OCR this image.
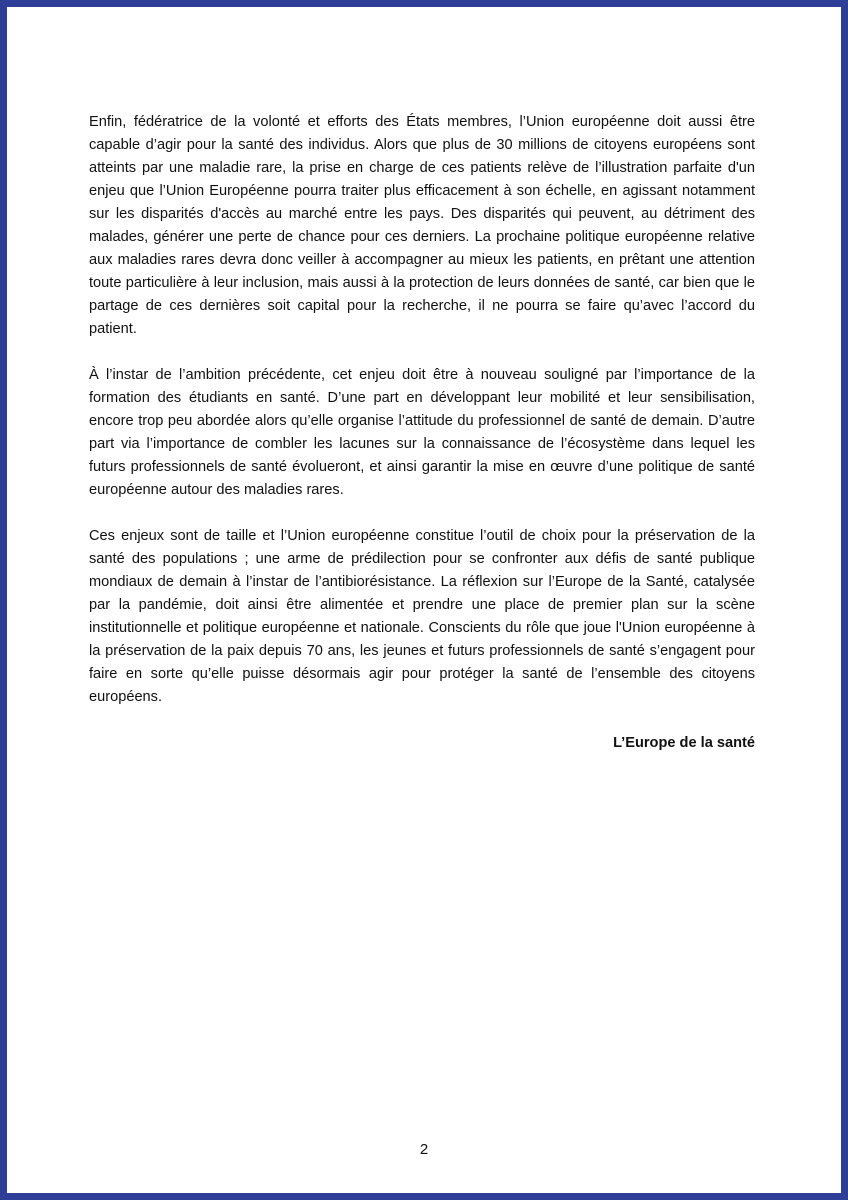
Enfin, fédératrice de la volonté et efforts des États membres, l’Union européenne doit aussi être capable d’agir pour la santé des individus. Alors que plus de 30 millions de citoyens européens sont atteints par une maladie rare, la prise en charge de ces patients relève de l’illustration parfaite d'un enjeu que l’Union Européenne pourra traiter plus efficacement à son échelle, en agissant notamment sur les disparités d'accès au marché entre les pays. Des disparités qui peuvent, au détriment des malades, générer une perte de chance pour ces derniers. La prochaine politique européenne relative aux maladies rares devra donc veiller à accompagner au mieux les patients, en prêtant une attention toute particulière à leur inclusion, mais aussi à la protection de leurs données de santé, car bien que le partage de ces dernières soit capital pour la recherche, il ne pourra se faire qu’avec l’accord du patient.

À l’instar de l’ambition précédente, cet enjeu doit être à nouveau souligné par l’importance de la formation des étudiants en santé. D’une part en développant leur mobilité et leur sensibilisation, encore trop peu abordée alors qu’elle organise l’attitude du professionnel de santé de demain. D’autre part via l’importance de combler les lacunes sur la connaissance de l’écosystème dans lequel les futurs professionnels de santé évolueront, et ainsi garantir la mise en œuvre d’une politique de santé européenne autour des maladies rares.

Ces enjeux sont de taille et l’Union européenne constitue l’outil de choix pour la préservation de la santé des populations ; une arme de prédilection pour se confronter aux défis de santé publique mondiaux de demain à l’instar de l’antibiorésistance. La réflexion sur l’Europe de la Santé, catalysée par la pandémie, doit ainsi être alimentée et prendre une place de premier plan sur la scène institutionnelle et politique européenne et nationale. Conscients du rôle que joue l'Union européenne à la préservation de la paix depuis 70 ans, les jeunes et futurs professionnels de santé s’engagent pour faire en sorte qu’elle puisse désormais agir pour protéger la santé de l’ensemble des citoyens européens.

L’Europe de la santé

2
